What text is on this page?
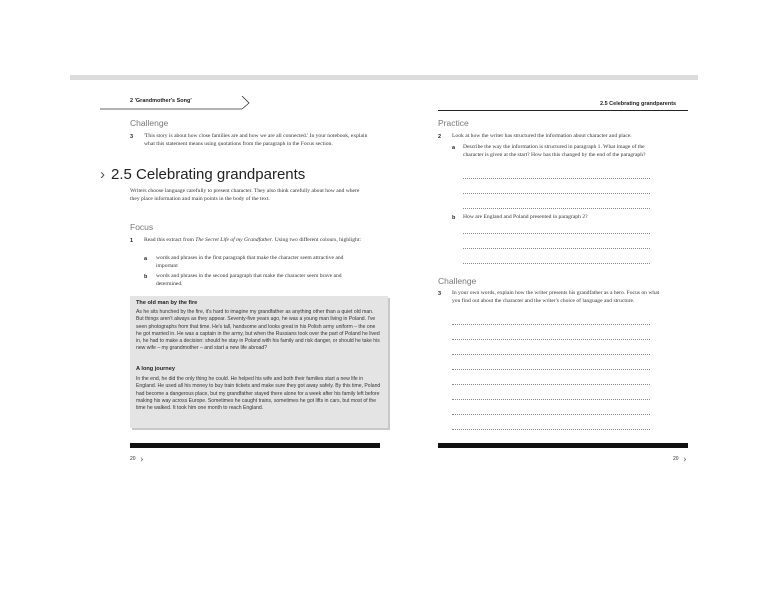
2 'Grandmother's Song'
Challenge
3 'This story is about how close families are and how we are all connected.' In your notebook, explain what this statement means using quotations from the paragraph in the Focus section.
› 2.5 Celebrating grandparents
Writers choose language carefully to present character. They also think carefully about how and where they place information and main points in the body of the text.
Focus
1 Read this extract from The Secret Life of my Grandfather. Using two different colours, highlight:
a words and phrases in the first paragraph that make the character seem attractive and important
b words and phrases in the second paragraph that make the character seem brave and determined.
The old man by the fire
As he sits hunched by the fire, it's hard to imagine my grandfather as anything other than a quiet old man. But things aren't always as they appear. Seventy-five years ago, he was a young man living in Poland. I've seen photographs from that time. He's tall, handsome and looks great in his Polish army uniform – the one he got married in. He was a captain in the army, but when the Russians took over the part of Poland he lived in, he had to make a decision: should he stay in Poland with his family and risk danger, or should he take his new wife – my grandmother – and start a new life abroad?
A long journey
In the end, he did the only thing he could. He helped his wife and both their families start a new life in England. He used all his money to buy train tickets and make sure they got away safely. By this time, Poland had become a dangerous place, but my grandfather stayed there alone for a week after his family left before making his way across Europe. Sometimes he caught trains, sometimes he got lifts in cars, but most of the time he walked. It took him one month to reach England.
20 ›
2.5 Celebrating grandparents
Practice
2 Look at how the writer has structured the information about character and place.
a Describe the way the information is structured in paragraph 1. What image of the character is given at the start? How has this changed by the end of the paragraph?
b How are England and Poland presented in paragraph 2?
Challenge
3 In your own words, explain how the writer presents his grandfather as a hero. Focus on what you find out about the character and the writer's choice of language and structure.
20 ›
